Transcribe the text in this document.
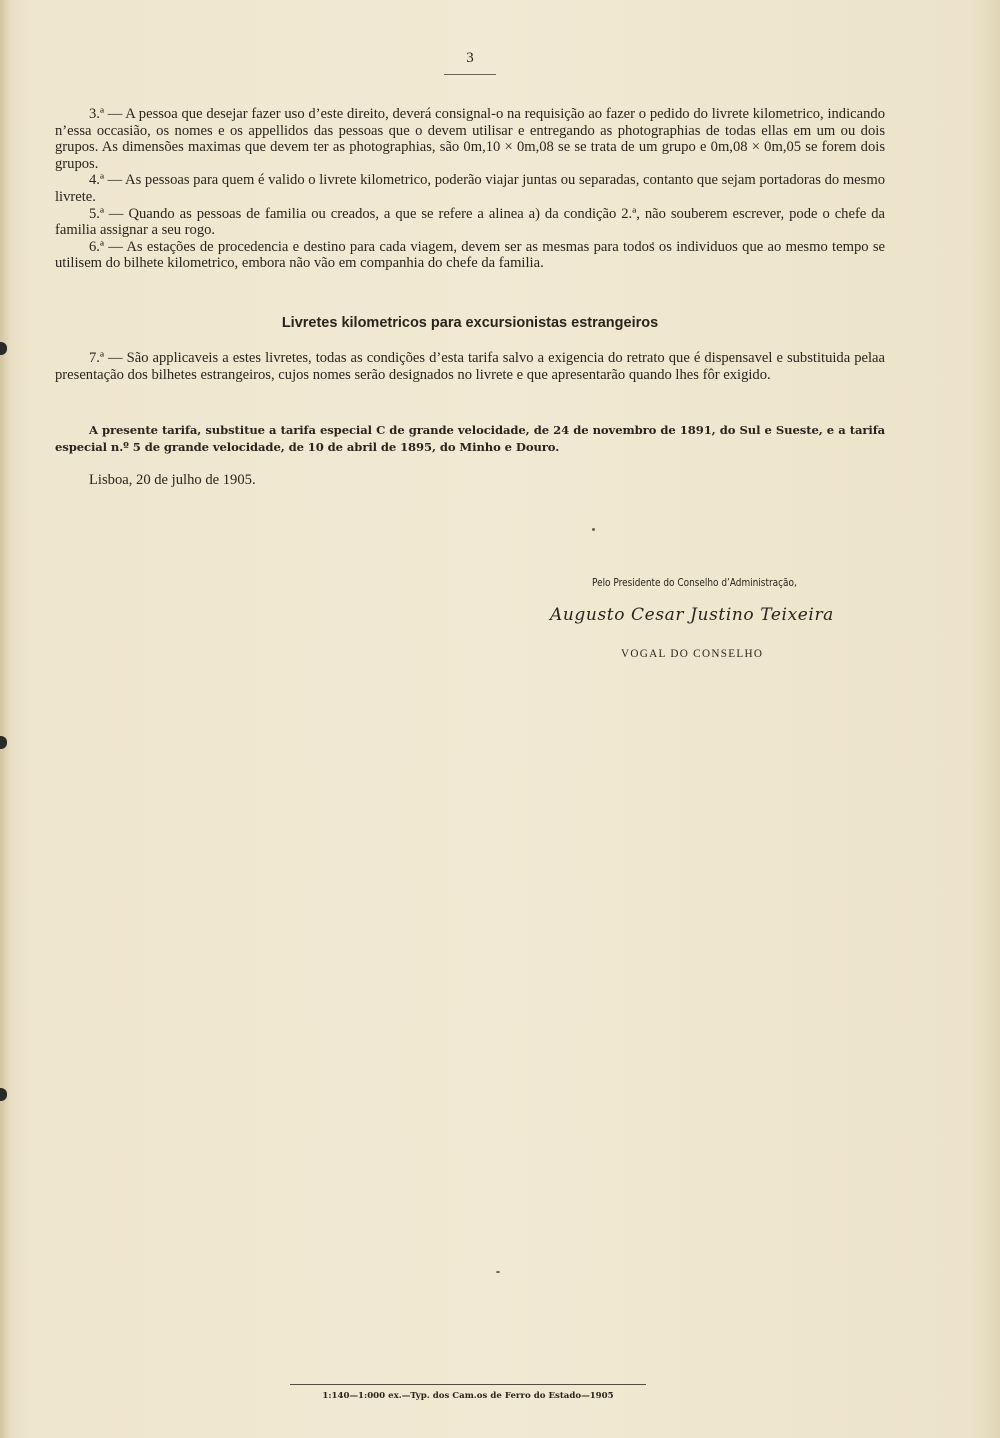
3

3.ª — A pessoa que desejar fazer uso d’este direito, deverá consignal-o na requisição ao fazer o pedido do livrete kilometrico, indicando n’essa occasião, os nomes e os appellidos das pessoas que o devem utilisar e entregando as photographias de todas ellas em um ou dois grupos. As dimensões maximas que devem ter as photographias, são 0m,10 × 0m,08 se se trata de um grupo e 0m,08 × 0m,05 se forem dois grupos.

4.ª — As pessoas para quem é valido o livrete kilometrico, poderão viajar juntas ou separadas, contanto que sejam portadoras do mesmo livrete.

5.ª — Quando as pessoas de familia ou creados, a que se refere a alinea a) da condição 2.ª, não souberem escrever, pode o chefe da familia assignar a seu rogo.

6.ª — As estações de procedencia e destino para cada viagem, devem ser as mesmas para todos os individuos que ao mesmo tempo se utilisem do bilhete kilometrico, embora não vão em companhia do chefe da familia.

Livretes kilometricos para excursionistas estrangeiros

7.ª — São applicaveis a estes livretes, todas as condições d’esta tarifa salvo a exigencia do retrato que é dispensavel e substituida pelaa presentação dos bilhetes estrangeiros, cujos nomes serão designados no livrete e que apresentarão quando lhes fôr exigido.

A presente tarifa, substitue a tarifa especial C de grande velocidade, de 24 de novembro de 1891, do Sul e Sueste, e a tarifa especial n.º 5 de grande velocidade, de 10 de abril de 1895, do Minho e Douro.
Lisboa, 20 de julho de 1905.
Pelo Presidente do Conselho d’Administração,
Augusto Cesar Justino Teixeira
VOGAL DO CONSELHO
1:140—1:000 ex.—Typ. dos Cam.os de Ferro do Estado—1905
